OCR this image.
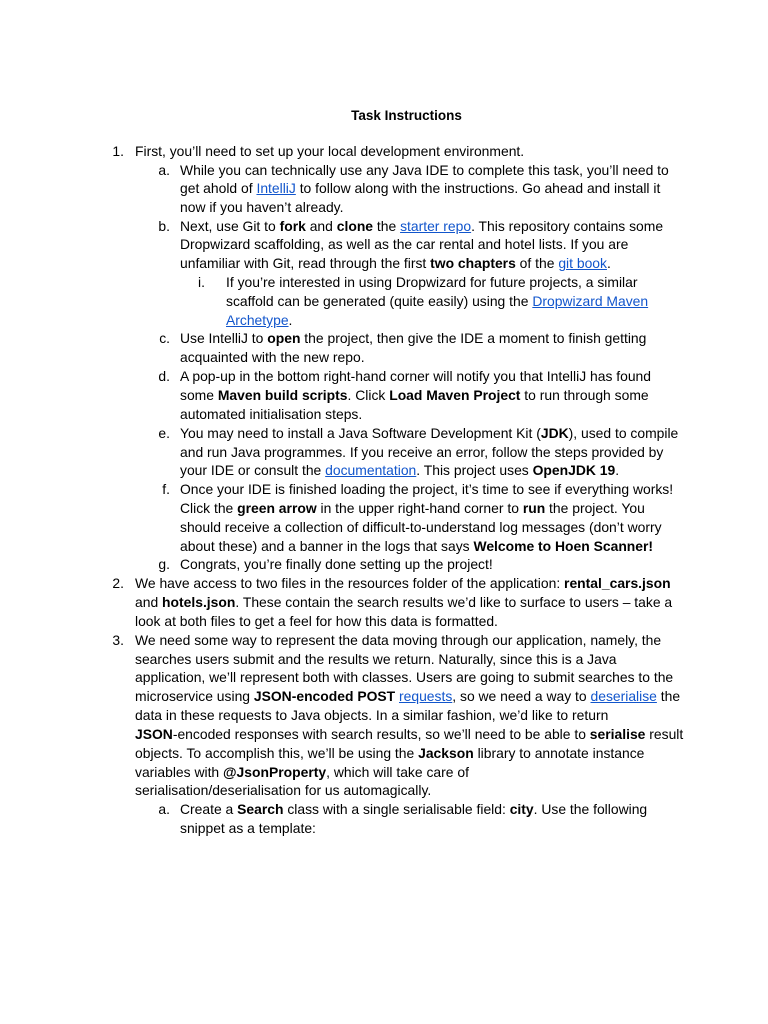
Task Instructions
1. First, you’ll need to set up your local development environment.
a. While you can technically use any Java IDE to complete this task, you’ll need to
get ahold of IntelliJ to follow along with the instructions. Go ahead and install it
now if you haven’t already.
b. Next, use Git to fork and clone the starter repo. This repository contains some
Dropwizard scaffolding, as well as the car rental and hotel lists. If you are
unfamiliar with Git, read through the first two chapters of the git book.
i. If you’re interested in using Dropwizard for future projects, a similar
scaffold can be generated (quite easily) using the Dropwizard Maven
Archetype.
c. Use IntelliJ to open the project, then give the IDE a moment to finish getting
acquainted with the new repo.
d. A pop-up in the bottom right-hand corner will notify you that IntelliJ has found
some Maven build scripts. Click Load Maven Project to run through some
automated initialisation steps.
e. You may need to install a Java Software Development Kit (JDK), used to compile
and run Java programmes. If you receive an error, follow the steps provided by
your IDE or consult the documentation. This project uses OpenJDK 19.
f. Once your IDE is finished loading the project, it’s time to see if everything works!
Click the green arrow in the upper right-hand corner to run the project. You
should receive a collection of difficult-to-understand log messages (don’t worry
about these) and a banner in the logs that says Welcome to Hoen Scanner!
g. Congrats, you’re finally done setting up the project!
2. We have access to two files in the resources folder of the application: rental_cars.json
and hotels.json. These contain the search results we’d like to surface to users – take a
look at both files to get a feel for how this data is formatted.
3. We need some way to represent the data moving through our application, namely, the
searches users submit and the results we return. Naturally, since this is a Java
application, we’ll represent both with classes. Users are going to submit searches to the
microservice using JSON-encoded POST requests, so we need a way to deserialise the
data in these requests to Java objects. In a similar fashion, we’d like to return
JSON-encoded responses with search results, so we’ll need to be able to serialise result
objects. To accomplish this, we’ll be using the Jackson library to annotate instance
variables with @JsonProperty, which will take care of
serialisation/deserialisation for us automagically.
a. Create a Search class with a single serialisable field: city. Use the following
snippet as a template:
